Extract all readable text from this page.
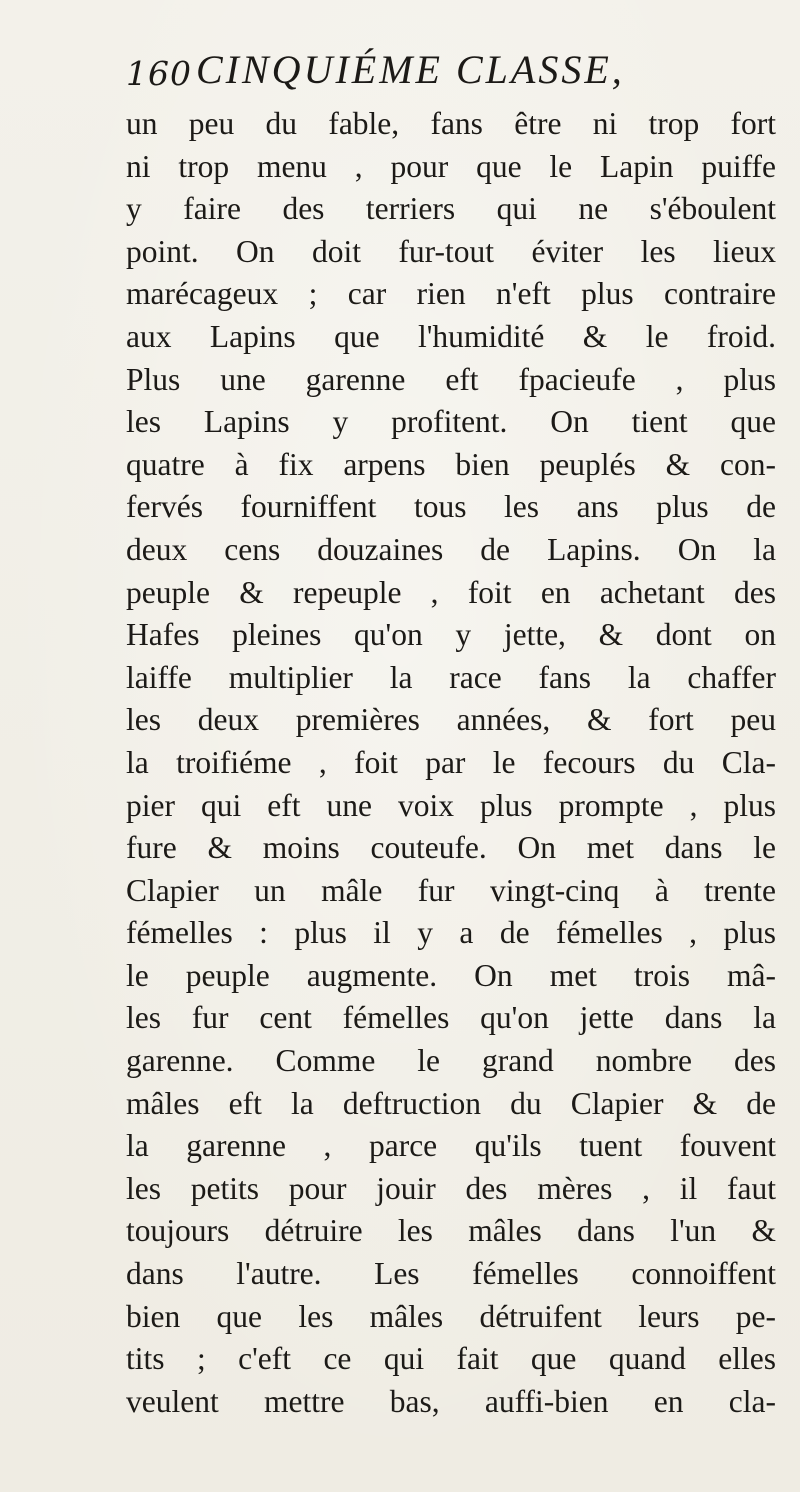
160 CINQUIÉME CLASSE,
un peu du fable, fans être ni trop fort
ni trop menu , pour que le Lapin puiffe
y faire des terriers qui ne s'éboulent
point. On doit fur-tout éviter les lieux
marécageux ; car rien n'eft plus contraire
aux Lapins que l'humidité & le froid.
Plus une garenne eft fpacieufe , plus
les Lapins y profitent. On tient que
quatre à fix arpens bien peuplés & con-
fervés fourniffent tous les ans plus de
deux cens douzaines de Lapins. On la
peuple & repeuple , foit en achetant des
Hafes pleines qu'on y jette, & dont on
laiffe multiplier la race fans la chaffer
les deux premières années, & fort peu
la troifiéme , foit par le fecours du Cla-
pier qui eft une voix plus prompte , plus
fure & moins couteufe. On met dans le
Clapier un mâle fur vingt-cinq à trente
fémelles : plus il y a de fémelles , plus
le peuple augmente. On met trois mâ-
les fur cent fémelles qu'on jette dans la
garenne. Comme le grand nombre des
mâles eft la deftruction du Clapier & de
la garenne , parce qu'ils tuent fouvent
les petits pour jouir des mères , il faut
toujours détruire les mâles dans l'un &
dans l'autre. Les fémelles connoiffent
bien que les mâles détruifent leurs pe-
tits ; c'eft ce qui fait que quand elles
veulent mettre bas, auffi-bien en cla-
